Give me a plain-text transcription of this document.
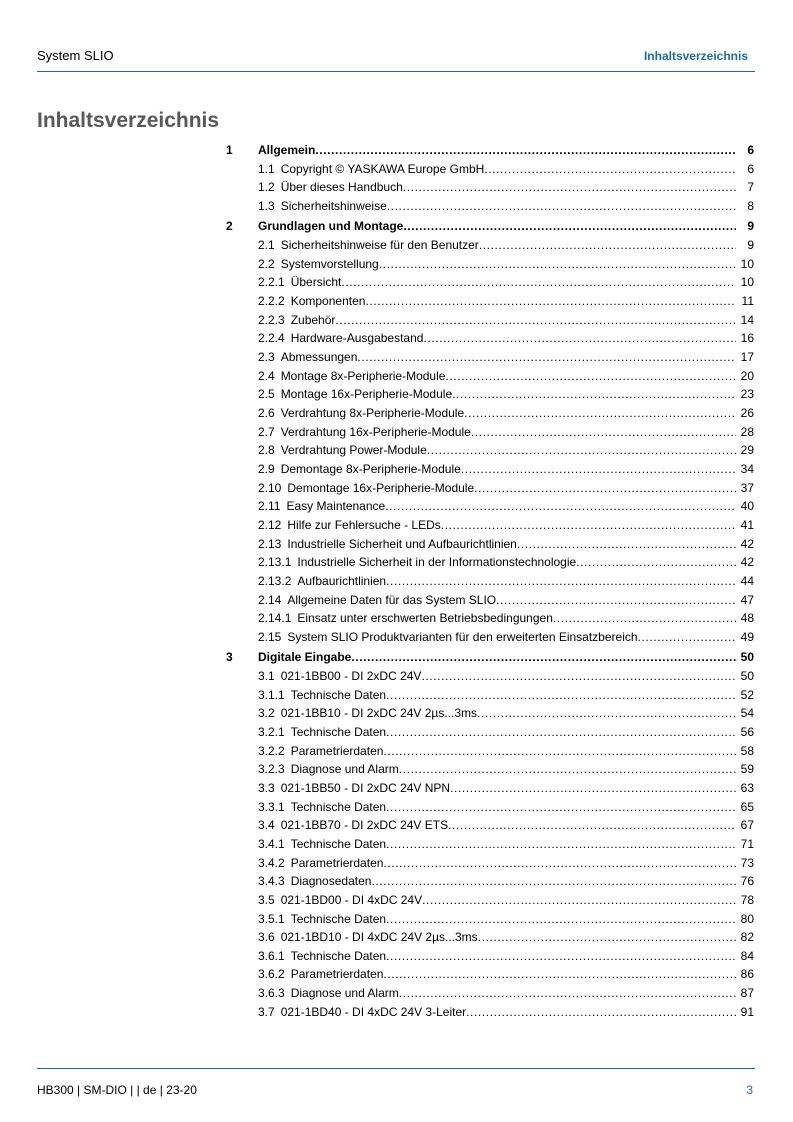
System SLIO	Inhaltsverzeichnis
Inhaltsverzeichnis
1 Allgemein .....	6
1.1 Copyright © YASKAWA Europe GmbH .....	6
1.2 Über dieses Handbuch .....	7
1.3 Sicherheitshinweise .....	8
2 Grundlagen und Montage .....	9
2.1 Sicherheitshinweise für den Benutzer .....	9
2.2 Systemvorstellung .....	10
2.2.1 Übersicht .....	10
2.2.2 Komponenten .....	11
2.2.3 Zubehör .....	14
2.2.4 Hardware-Ausgabestand .....	16
2.3 Abmessungen .....	17
2.4 Montage 8x-Peripherie-Module .....	20
2.5 Montage 16x-Peripherie-Module .....	23
2.6 Verdrahtung 8x-Peripherie-Module .....	26
2.7 Verdrahtung 16x-Peripherie-Module .....	28
2.8 Verdrahtung Power-Module .....	29
2.9 Demontage 8x-Peripherie-Module .....	34
2.10 Demontage 16x-Peripherie-Module .....	37
2.11 Easy Maintenance .....	40
2.12 Hilfe zur Fehlersuche - LEDs .....	41
2.13 Industrielle Sicherheit und Aufbaurichtlinien .....	42
2.13.1 Industrielle Sicherheit in der Informationstechnologie .....	42
2.13.2 Aufbaurichtlinien .....	44
2.14 Allgemeine Daten für das System SLIO .....	47
2.14.1 Einsatz unter erschwerten Betriebsbedingungen .....	48
2.15 System SLIO Produktvarianten für den erweiterten Einsatzbereich .....	49
3 Digitale Eingabe .....	50
3.1 021-1BB00 - DI 2xDC 24V .....	50
3.1.1 Technische Daten .....	52
3.2 021-1BB10 - DI 2xDC 24V 2µs...3ms .....	54
3.2.1 Technische Daten .....	56
3.2.2 Parametrierdaten .....	58
3.2.3 Diagnose und Alarm .....	59
3.3 021-1BB50 - DI 2xDC 24V NPN .....	63
3.3.1 Technische Daten .....	65
3.4 021-1BB70 - DI 2xDC 24V ETS .....	67
3.4.1 Technische Daten .....	71
3.4.2 Parametrierdaten .....	73
3.4.3 Diagnosedaten .....	76
3.5 021-1BD00 - DI 4xDC 24V .....	78
3.5.1 Technische Daten .....	80
3.6 021-1BD10 - DI 4xDC 24V 2µs...3ms .....	82
3.6.1 Technische Daten .....	84
3.6.2 Parametrierdaten .....	86
3.6.3 Diagnose und Alarm .....	87
3.7 021-1BD40 - DI 4xDC 24V 3-Leiter .....	91
HB300 | SM-DIO | | de | 23-20	3
